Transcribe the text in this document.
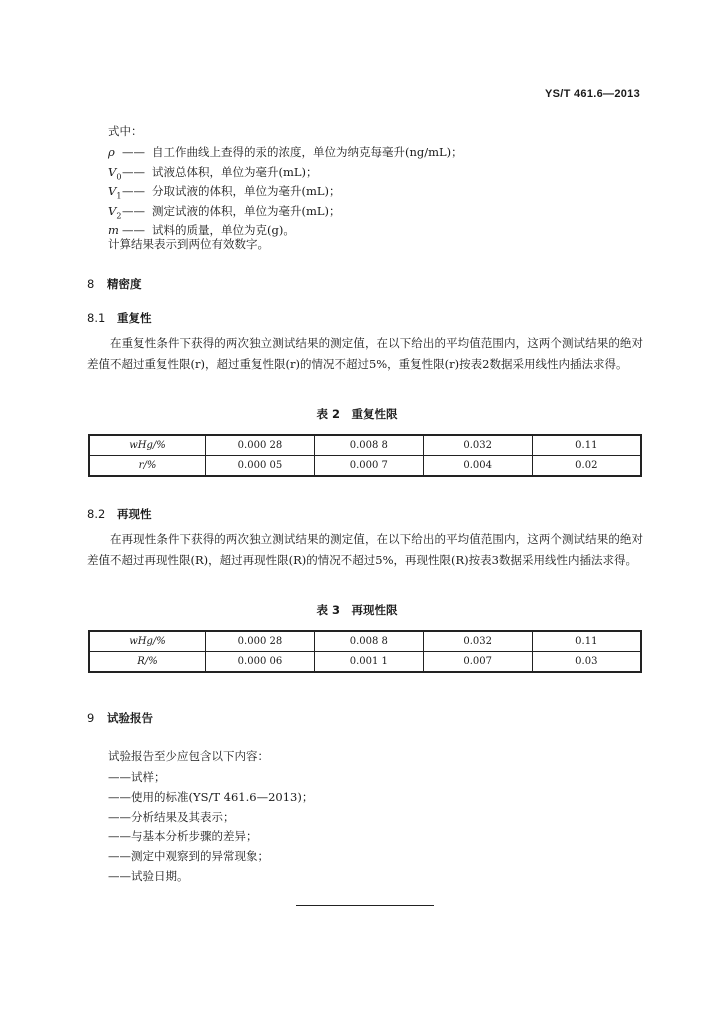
YS/T 461.6—2013
式中：
ρ —— 自工作曲线上查得的汞的浓度，单位为纳克每毫升(ng/mL)；
$V_0——$ 试液总体积，单位为毫升(mL)；
$V_1——$ 分取试液的体积，单位为毫升(mL)；
$V_2——$ 测定试液的体积，单位为毫升(mL)；
m —— 试料的质量，单位为克(g)。
计算结果表示到两位有效数字。
8 精密度
8.1 重复性
在重复性条件下获得的两次独立测试结果的测定值，在以下给出的平均值范围内，这两个测试结果的绝对差值不超过重复性限(r)，超过重复性限(r)的情况不超过5%，重复性限(r)按表2数据采用线性内插法求得。
表 2　重复性限
wHg/%	0.000 28	0.008 8	0.032	0.11
r/%	0.000 05	0.000 7	0.004	0.02
8.2 再现性
在再现性条件下获得的两次独立测试结果的测定值，在以下给出的平均值范围内，这两个测试结果的绝对差值不超过再现性限(R)，超过再现性限(R)的情况不超过5%，再现性限(R)按表3数据采用线性内插法求得。
表 3　再现性限
wHg/%	0.000 28	0.008 8	0.032	0.11
R/%	0.000 06	0.001 1	0.007	0.03
9 试验报告
试验报告至少应包含以下内容：
——试样；
——使用的标准(YS/T 461.6—2013)；
——分析结果及其表示；
——与基本分析步骤的差异；
——测定中观察到的异常现象；
——试验日期。
